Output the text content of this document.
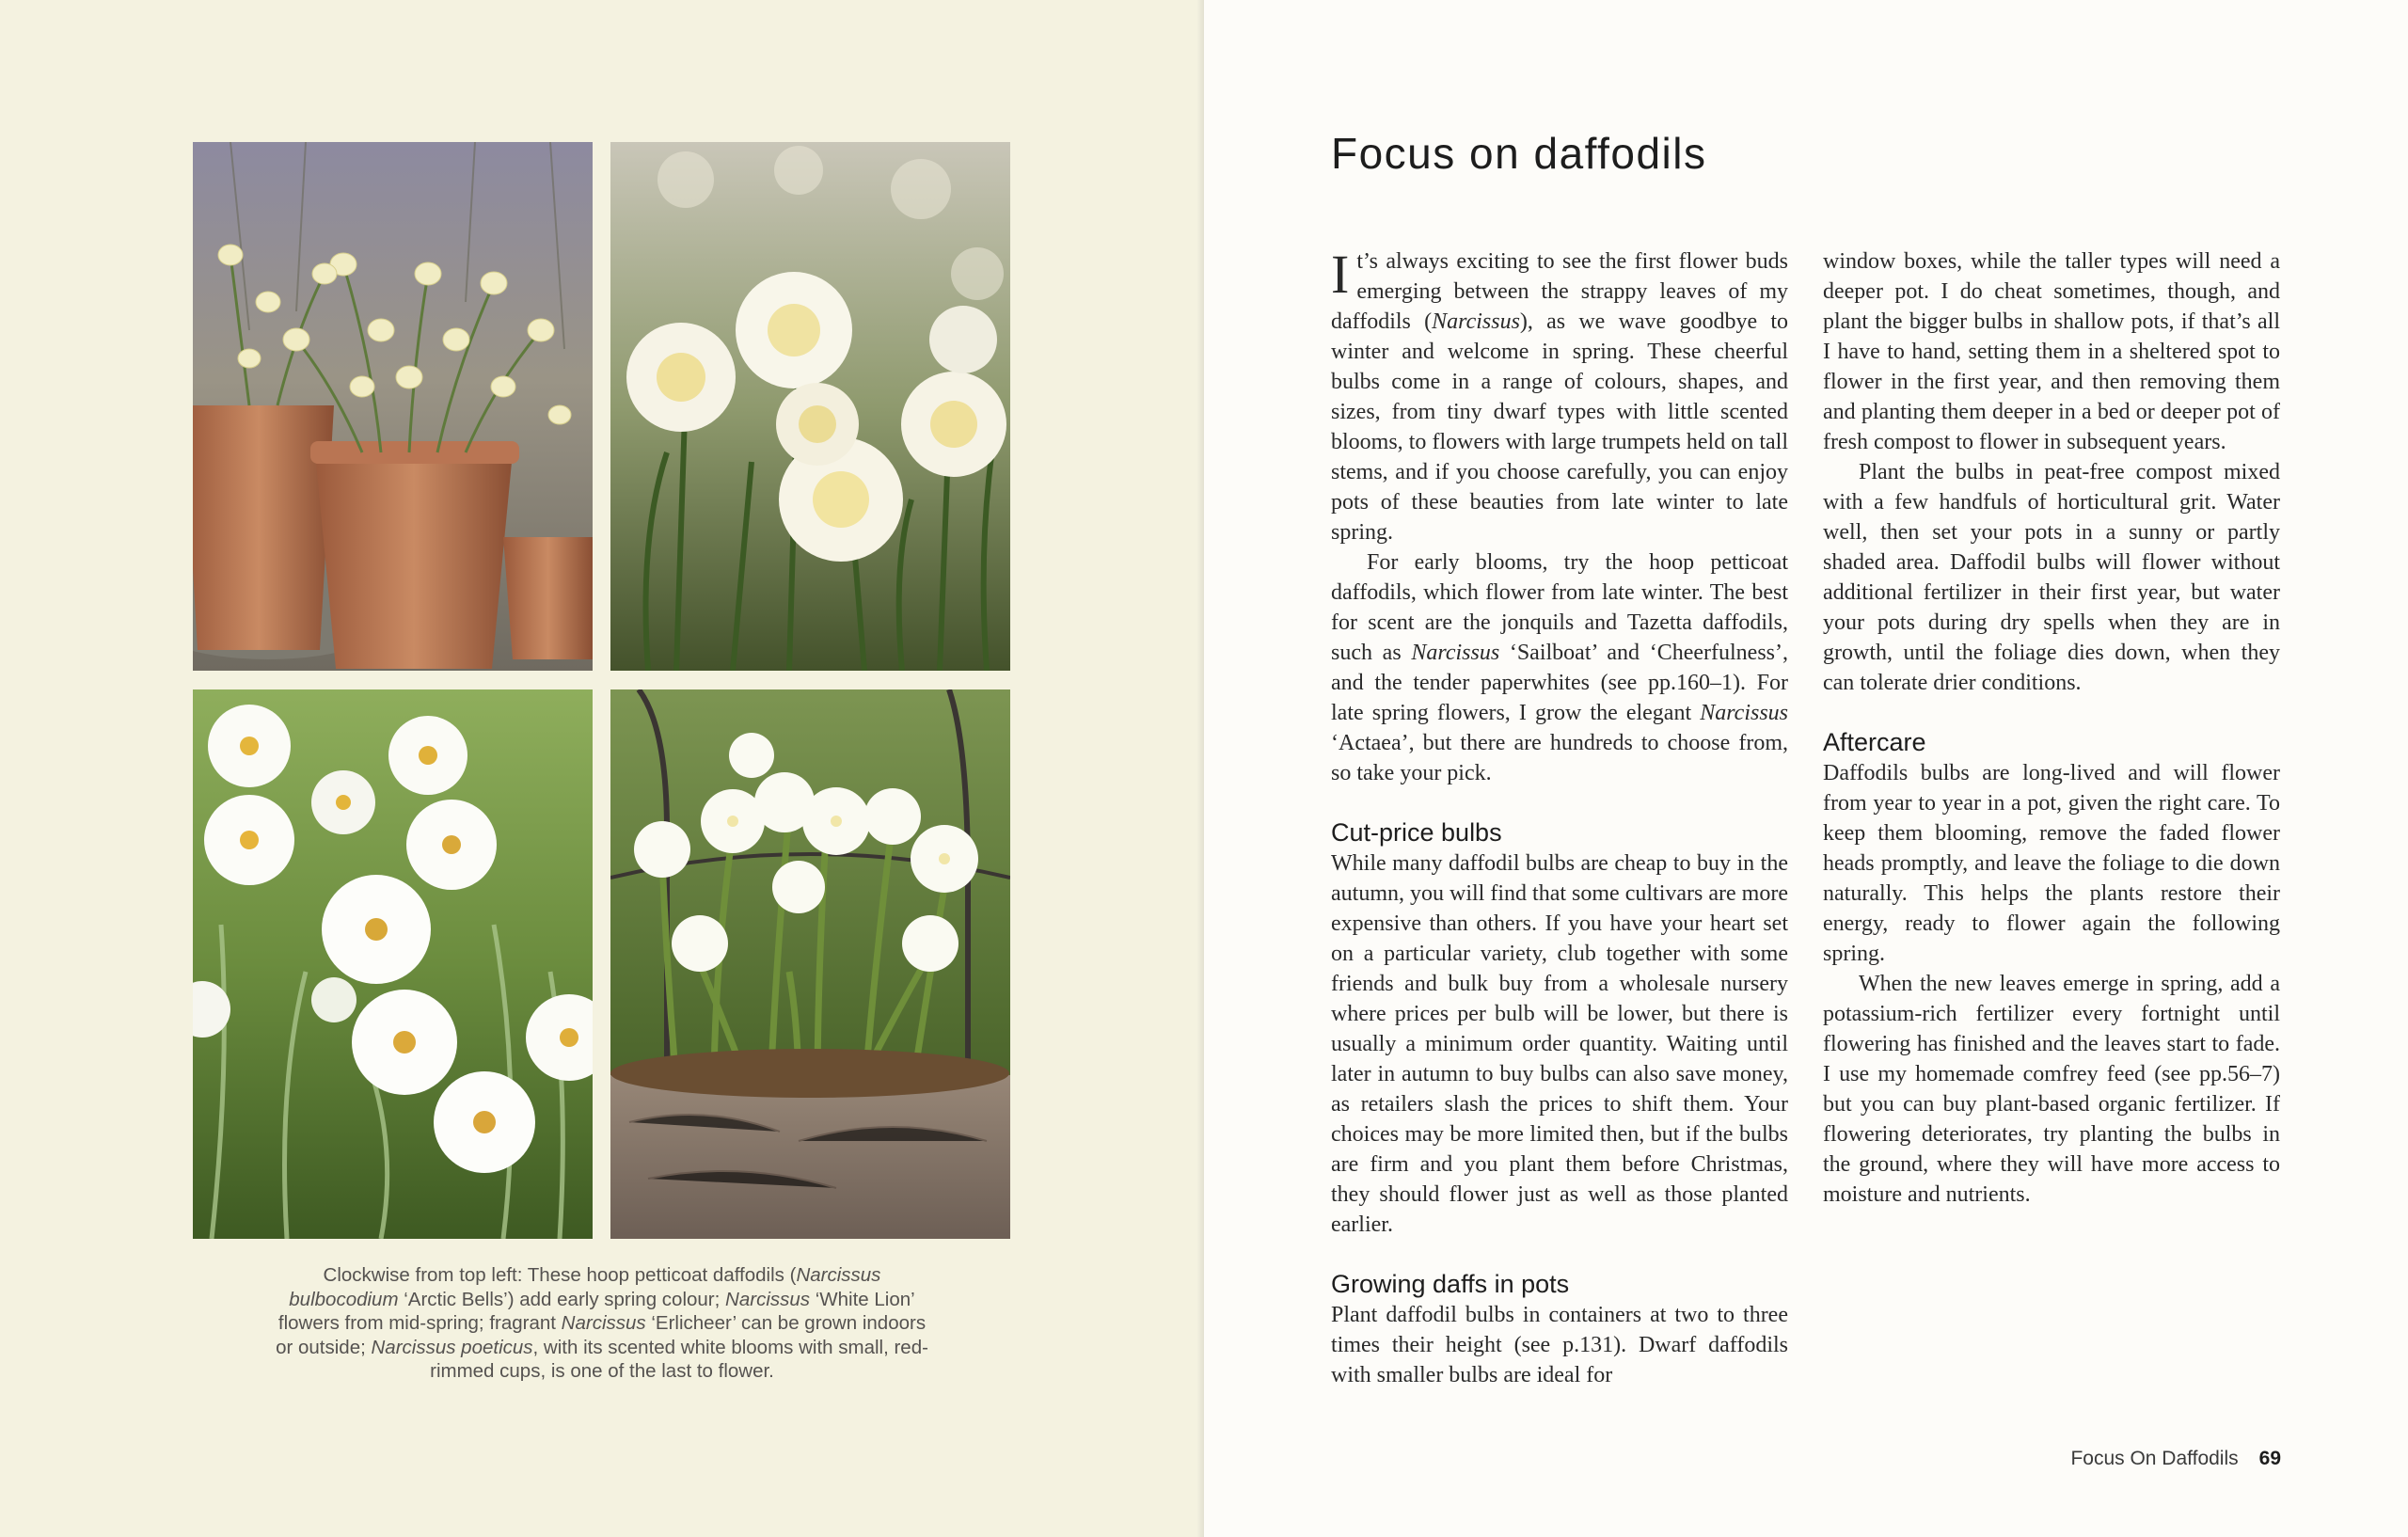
Clockwise from top left: These hoop petticoat daffodils (Narcissus bulbocodium ‘Arctic Bells’) add early spring colour; Narcissus ‘White Lion’ flowers from mid-spring; fragrant Narcissus ‘Erlicheer’ can be grown indoors or outside; Narcissus poeticus, with its scented white blooms with small, red-rimmed cups, is one of the last to flower.
Focus on daffodils

It’s always exciting to see the first flower buds emerging between the strappy leaves of my daffodils (Narcissus), as we wave goodbye to winter and welcome in spring. These cheerful bulbs come in a range of colours, shapes, and sizes, from tiny dwarf types with little scented blooms, to flowers with large trumpets held on tall stems, and if you choose carefully, you can enjoy pots of these beauties from late winter to late spring.

For early blooms, try the hoop petticoat daffodils, which flower from late winter. The best for scent are the jonquils and Tazetta daffodils, such as Narcissus ‘Sailboat’ and ‘Cheerfulness’, and the tender paperwhites (see pp.160–1). For late spring flowers, I grow the elegant Narcissus ‘Actaea’, but there are hundreds to choose from, so take your pick.

Cut-price bulbs

While many daffodil bulbs are cheap to buy in the autumn, you will find that some cultivars are more expensive than others. If you have your heart set on a particular variety, club together with some friends and bulk buy from a wholesale nursery where prices per bulb will be lower, but there is usually a minimum order quantity. Waiting until later in autumn to buy bulbs can also save money, as retailers slash the prices to shift them. Your choices may be more limited then, but if the bulbs are firm and you plant them before Christmas, they should flower just as well as those planted earlier.

Growing daffs in pots

Plant daffodil bulbs in containers at two to three times their height (see p.131). Dwarf daffodils with smaller bulbs are ideal for

window boxes, while the taller types will need a deeper pot. I do cheat sometimes, though, and plant the bigger bulbs in shallow pots, if that’s all I have to hand, setting them in a sheltered spot to flower in the first year, and then removing them and planting them deeper in a bed or deeper pot of fresh compost to flower in subsequent years.

Plant the bulbs in peat-free compost mixed with a few handfuls of horticultural grit. Water well, then set your pots in a sunny or partly shaded area. Daffodil bulbs will flower without additional fertilizer in their first year, but water your pots during dry spells when they are in growth, until the foliage dies down, when they can tolerate drier conditions.

Aftercare

Daffodils bulbs are long-lived and will flower from year to year in a pot, given the right care. To keep them blooming, remove the faded flower heads promptly, and leave the foliage to die down naturally. This helps the plants restore their energy, ready to flower again the following spring.

When the new leaves emerge in spring, add a potassium-rich fertilizer every fortnight until flowering has finished and the leaves start to fade. I use my homemade comfrey feed (see pp.56–7) but you can buy plant-based organic fertilizer. If flowering deteriorates, try planting the bulbs in the ground, where they will have more access to moisture and nutrients.

Focus On Daffodils 69
